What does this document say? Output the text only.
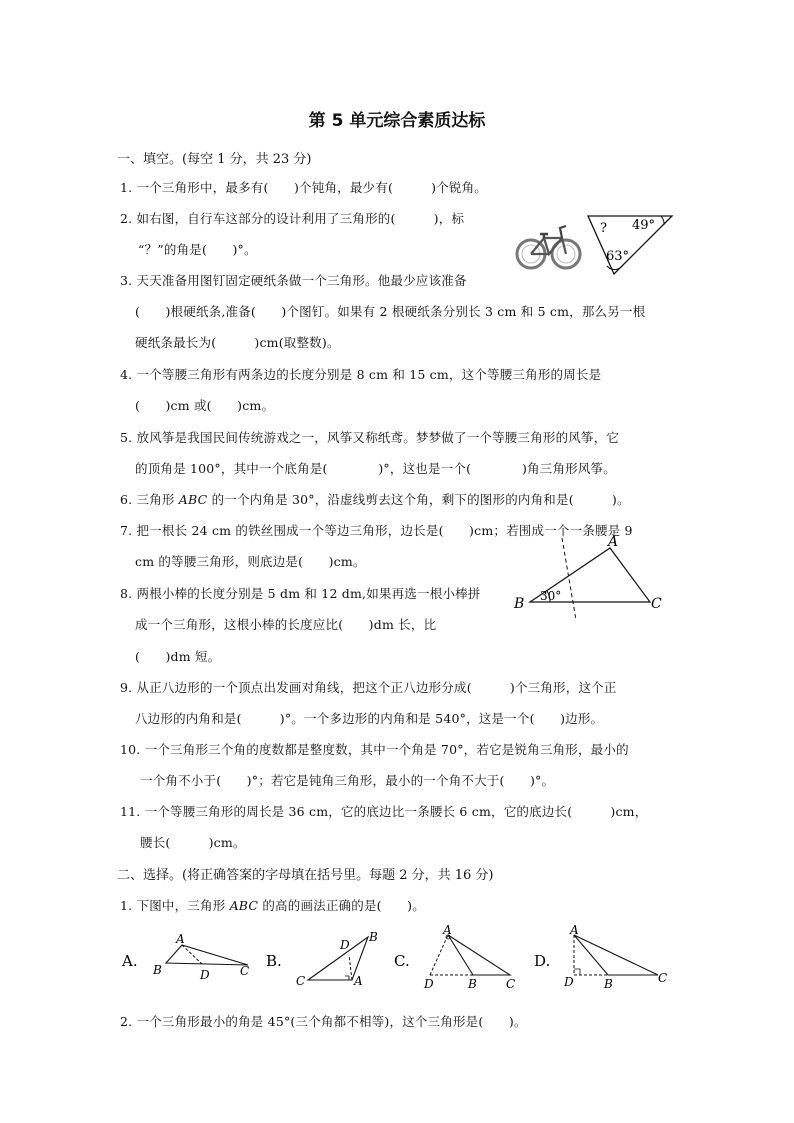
第 5 单元综合素质达标
一、填空。(每空 1 分，共 23 分)
1. 一个三角形中，最多有(　　)个钝角，最少有(　　　)个锐角。
2. 如右图，自行车这部分的设计利用了三角形的(　　　)，标
“？”的角是(　　)°。
? 49°
63°
3. 天天准备用图钉固定硬纸条做一个三角形。他最少应该准备
(　　)根硬纸条,准备(　　)个图钉。如果有 2 根硬纸条分别长 3 cm 和 5 cm，那么另一根
硬纸条最长为(　　　)cm(取整数)。
4. 一个等腰三角形有两条边的长度分别是 8 cm 和 15 cm，这个等腰三角形的周长是
(　　)cm 或(　　)cm。
5. 放风筝是我国民间传统游戏之一，风筝又称纸鸢。梦梦做了一个等腰三角形的风筝，它
的顶角是 100°，其中一个底角是(　　　　)°，这也是一个(　　　　)角三角形风筝。
6. 三角形 ABC 的一个内角是 30°，沿虚线剪去这个角，剩下的图形的内角和是(　　　)。
7. 把一根长 24 cm 的铁丝围成一个等边三角形，边长是(　　)cm；若围成一个一条腰是 9
cm 的等腰三角形，则底边是(　　)cm。
A
B	C
30°
8. 两根小棒的长度分别是 5 dm 和 12 dm,如果再选一根小棒拼
成一个三角形，这根小棒的长度应比(　　)dm 长，比
(　　)dm 短。
9. 从正八边形的一个顶点出发画对角线，把这个正八边形分成(　　　)个三角形，这个正
八边形的内角和是(　　　)°。一个多边形的内角和是 540°，这是一个(　　)边形。
10. 一个三角形三个角的度数都是整度数，其中一个角是 70°，若它是锐角三角形，最小的
一个角不小于(　　)°；若它是钝角三角形，最小的一个角不大于(　　)°。
11. 一个等腰三角形的周长是 36 cm，它的底边比一条腰长 6 cm，它的底边长(　　　)cm，
腰长(　　　)cm。
二、选择。(将正确答案的字母填在括号里。每题 2 分，共 16 分)
1. 下图中，三角形 ABC 的高的画法正确的是(　　)。
A.
A
B	C
D
B.
B
D
C	A
C.
A
D	B C
D.
A
D	B	C
2. 一个三角形最小的角是 45°(三个角都不相等)，这个三角形是(　　)。
